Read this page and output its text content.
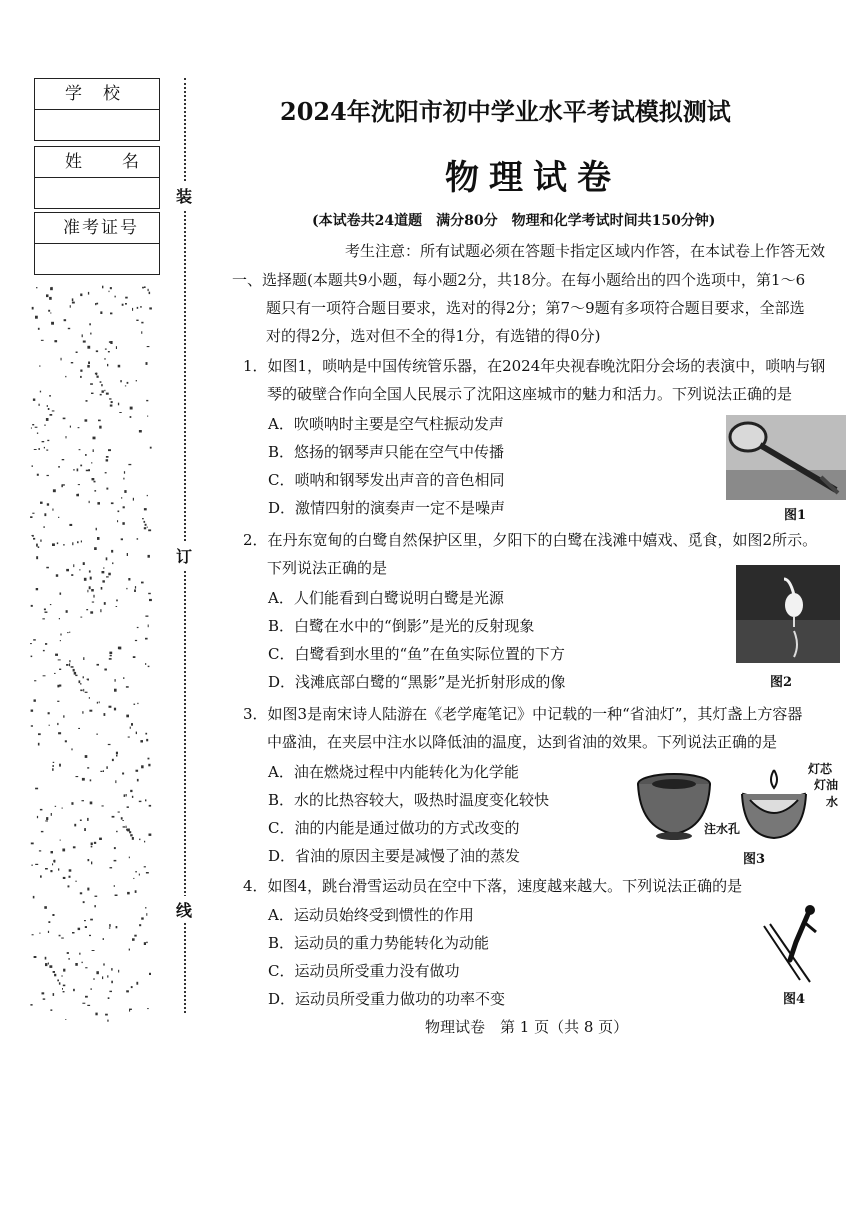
学　校
姓　　名
准考证号
装
订
线
2024年沈阳市初中学业水平考试模拟测试
物理试卷
(本试卷共24道题　满分80分　物理和化学考试时间共150分钟)
考生注意：所有试题必须在答题卡指定区域内作答，在本试卷上作答无效
一、选择题(本题共9小题，每小题2分，共18分。在每小题给出的四个选项中，第1～6
题只有一项符合题目要求，选对的得2分；第7～9题有多项符合题目要求，全部选
对的得2分，选对但不全的得1分，有选错的得0分)
1．如图1，唢呐是中国传统管乐器，在2024年央视春晚沈阳分会场的表演中，唢呐与钢
琴的破壁合作向全国人民展示了沈阳这座城市的魅力和活力。下列说法正确的是
A．吹唢呐时主要是空气柱振动发声
B．悠扬的钢琴声只能在空气中传播
C．唢呐和钢琴发出声音的音色相同
D．激情四射的演奏声一定不是噪声	图1
2．在丹东宽甸的白鹭自然保护区里，夕阳下的白鹭在浅滩中嬉戏、觅食，如图2所示。
下列说法正确的是
A．人们能看到白鹭说明白鹭是光源
B．白鹭在水中的“倒影”是光的反射现象
C．白鹭看到水里的“鱼”在鱼实际位置的下方
D．浅滩底部白鹭的“黑影”是光折射形成的像	图2
3．如图3是南宋诗人陆游在《老学庵笔记》中记载的一种“省油灯”，其灯盏上方容器
中盛油，在夹层中注水以降低油的温度，达到省油的效果。下列说法正确的是
A．油在燃烧过程中内能转化为化学能
B．水的比热容较大，吸热时温度变化较快
C．油的内能是通过做功的方式改变的
D．省油的原因主要是减慢了油的蒸发
灯芯
灯油
水
注水孔
图3
4．如图4，跳台滑雪运动员在空中下落，速度越来越大。下列说法正确的是
A．运动员始终受到惯性的作用
B．运动员的重力势能转化为动能
C．运动员所受重力没有做功
D．运动员所受重力做功的功率不变	图4
物理试卷　第 1 页（共 8 页）
